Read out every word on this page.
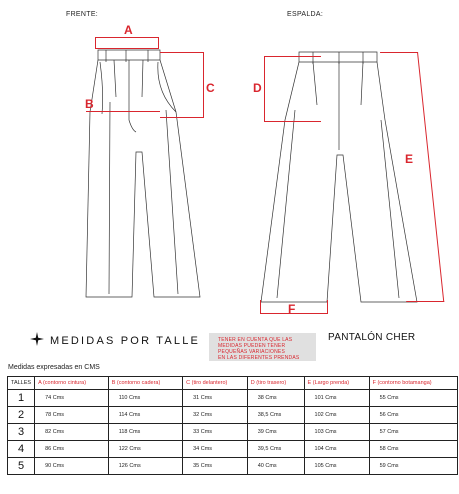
FRENTE:	ESPALDA:
A
C
B
D
E
F
MEDIDAS POR TALLE	TENER EN CUENTA QUE LAS
MEDIDAS PUEDEN TENER
PEQUEÑAS VARIACIONES
EN LAS DIFERENTES PRENDAS
PANTALÓN CHER
Medidas expresadas en CMS
TALLES	A (contorno cintura)	B (contorno cadera)	C (tiro delantero)	D (tiro trasero)	E (Largo prenda)	F (contorno botamanga)
1	74 Cms	110 Cms	31 Cms	38 Cms	101 Cms	55 Cms
2	78 Cms	114 Cms	32 Cms	38,5 Cms	102 Cms	56 Cms
3	82 Cms	118 Cms	33 Cms	39 Cms	103 Cms	57 Cms
4	86 Cms	122 Cms	34 Cms	39,5 Cms	104 Cms	58 Cms
5	90 Cms	126 Cms	35 Cms	40 Cms	105 Cms	59 Cms
